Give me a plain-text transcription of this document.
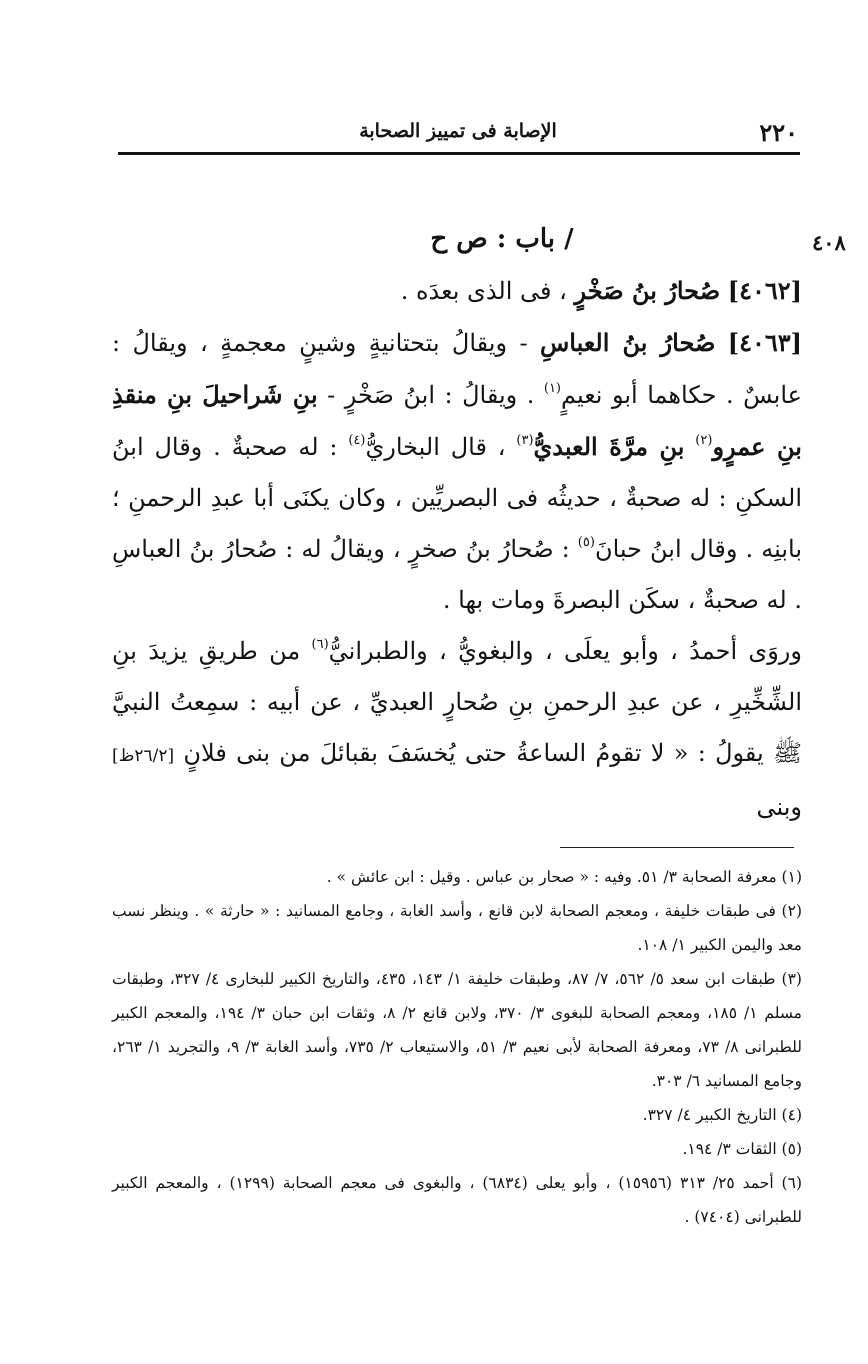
٢٢٠
الإصابة فى تمييز الصحابة
٤٠٨

/ باب : ص ح

[٤٠٦٢] صُحارُ بنُ صَخْرٍ ، فى الذى بعدَه .

[٤٠٦٣] صُحارُ بنُ العباسِ - ويقالُ بتحتانيةٍ وشينٍ معجمةٍ ، ويقالُ : عابسٌ . حكاهما أبو نعيمٍ$^{(١)}$ . ويقالُ : ابنُ صَخْرٍ - بنِ شَراحيلَ بنِ منقذِ بنِ عمرٍو$^{(٢)}$ بنِ مرَّةَ العبديُّ$^{(٣)}$ ، قال البخاريُّ$^{(٤)}$ : له صحبةٌ . وقال ابنُ السكنِ : له صحبةٌ ، حديثُه فى البصريِّين ، وكان يكنَى أبا عبدِ الرحمنِ ؛ بابنِه . وقال ابنُ حبانَ$^{(٥)}$ : صُحارُ بنُ صخرٍ ، ويقالُ له : صُحارُ بنُ العباسِ . له صحبةٌ ، سكَن البصرةَ ومات بها .

وروَى أحمدُ ، وأبو يعلَى ، والبغويُّ ، والطبرانيُّ$^{(٦)}$ من طريقِ يزيدَ بنِ الشِّخِّيرِ ، عن عبدِ الرحمنِ بنِ صُحارٍ العبديِّ ، عن أبيه : سمِعتُ النبيَّ ﷺ يقولُ : « لا تقومُ الساعةُ حتى يُخسَفَ بقبائلَ من بنى فلانٍ [٢٦/٢ظ] وبنى

(١) معرفة الصحابة ٣/ ٥١. وفيه : « صحار بن عباس . وقيل : ابن عائش » .
(٢) فى طبقات خليفة ، ومعجم الصحابة لابن قانع ، وأسد الغابة ، وجامع المسانيد : « حارثة » . وينظر نسب معد واليمن الكبير ١/ ١٠٨.
(٣) طبقات ابن سعد ٥/ ٥٦٢، ٧/ ٨٧، وطبقات خليفة ١/ ١٤٣، ٤٣٥، والتاريخ الكبير للبخارى ٤/ ٣٢٧، وطبقات مسلم ١/ ١٨٥، ومعجم الصحابة للبغوى ٣/ ٣٧٠، ولابن قانع ٢/ ٨، وثقات ابن حبان ٣/ ١٩٤، والمعجم الكبير للطبرانى ٨/ ٧٣، ومعرفة الصحابة لأبى نعيم ٣/ ٥١، والاستيعاب ٢/ ٧٣٥، وأسد الغابة ٣/ ٩، والتجريد ١/ ٢٦٣، وجامع المسانيد ٦/ ٣٠٣.
(٤) التاريخ الكبير ٤/ ٣٢٧.
(٥) الثقات ٣/ ١٩٤.
(٦) أحمد ٢٥/ ٣١٣ (١٥٩٥٦) ، وأبو يعلى (٦٨٣٤) ، والبغوى فى معجم الصحابة (١٢٩٩) ، والمعجم الكبير للطبرانى (٧٤٠٤) .
